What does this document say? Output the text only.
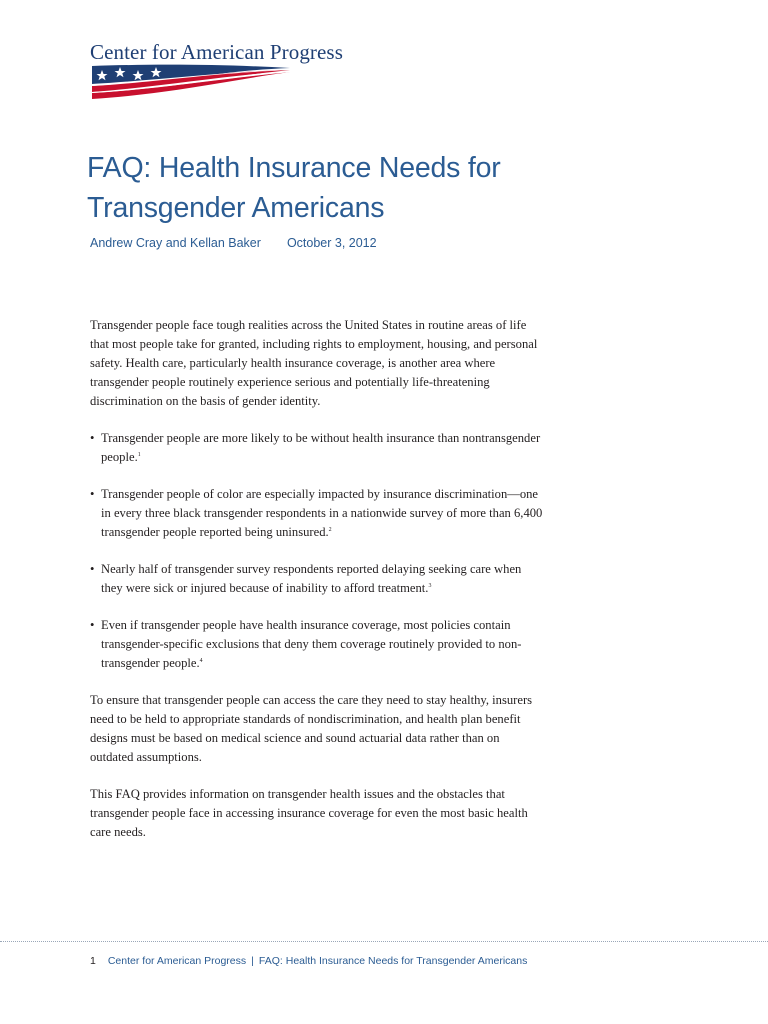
Center for American Progress
FAQ: Health Insurance Needs for Transgender Americans
Andrew Cray and Kellan Baker October 3, 2012

Transgender people face tough realities across the United States in routine areas of life that most people take for granted, including rights to employment, housing, and personal safety. Health care, particularly health insurance coverage, is another area where transgender people routinely experience serious and potentially life-threatening discrimination on the basis of gender identity.

• Transgender people are more likely to be without health insurance than nontransgender people.$^1$
• Transgender people of color are especially impacted by insurance discrimination—one in every three black transgender respondents in a nationwide survey of more than 6,400 transgender people reported being uninsured.$^2$
• Nearly half of transgender survey respondents reported delaying seeking care when they were sick or injured because of inability to afford treatment.$^3$
• Even if transgender people have health insurance coverage, most policies contain transgender-specific exclusions that deny them coverage routinely provided to non-transgender people.$^4$

To ensure that transgender people can access the care they need to stay healthy, insurers need to be held to appropriate standards of nondiscrimination, and health plan benefit designs must be based on medical science and sound actuarial data rather than on outdated assumptions.

This FAQ provides information on transgender health issues and the obstacles that transgender people face in accessing insurance coverage for even the most basic health care needs.

1 Center for American Progress | FAQ: Health Insurance Needs for Transgender Americans
